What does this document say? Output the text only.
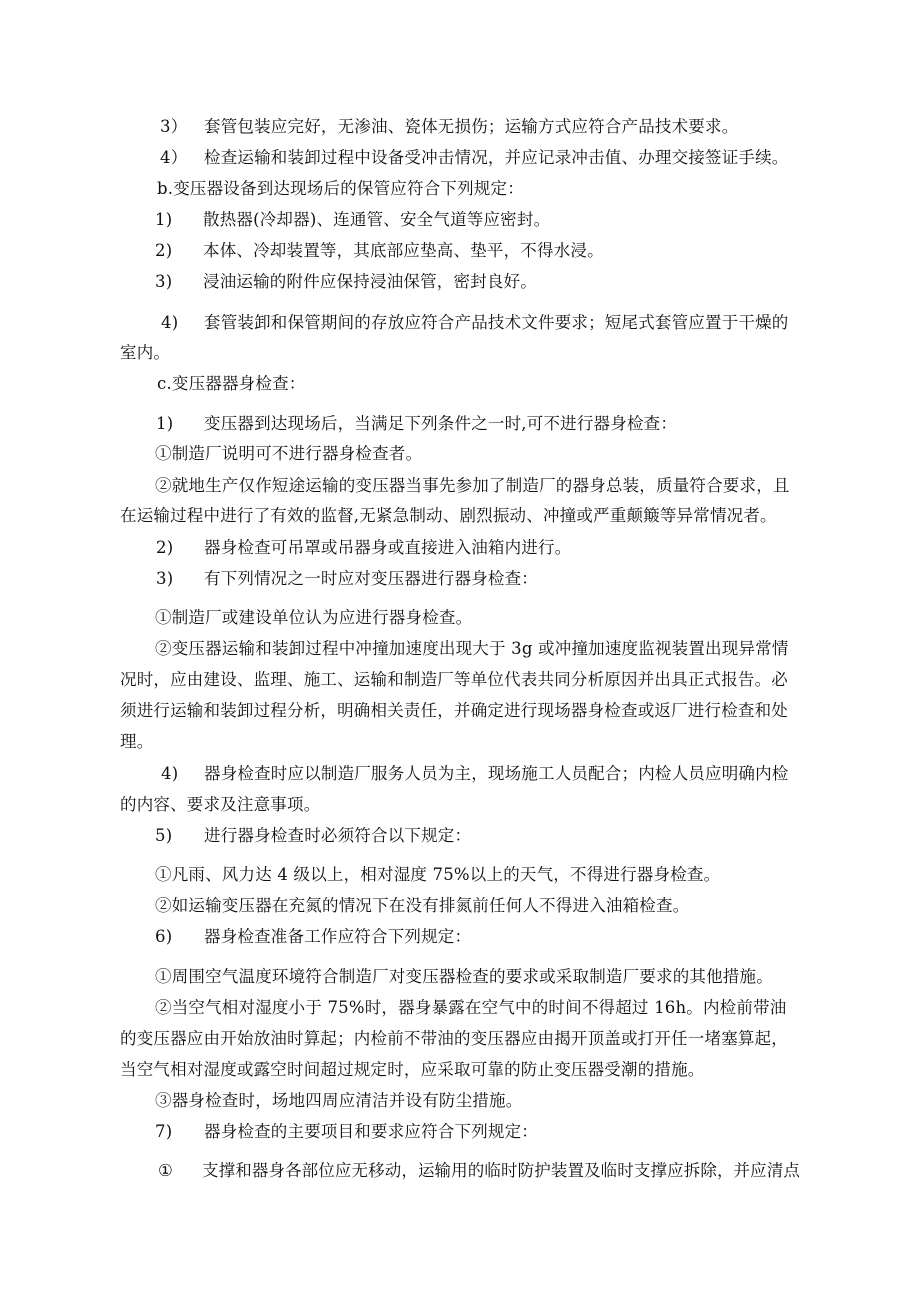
3） 套管包装应完好，无渗油、瓷体无损伤；运输方式应符合产品技术要求。
4） 检查运输和装卸过程中设备受冲击情况，并应记录冲击值、办理交接签证手续。
b.变压器设备到达现场后的保管应符合下列规定：
1) 散热器(冷却器)、连通管、安全气道等应密封。
2) 本体、冷却装置等，其底部应垫高、垫平，不得水浸。
3) 浸油运输的附件应保持浸油保管，密封良好。
4) 套管装卸和保管期间的存放应符合产品技术文件要求；短尾式套管应置于干燥的
室内。
c.变压器器身检查：
1) 变压器到达现场后，当满足下列条件之一时,可不进行器身检查：
①制造厂说明可不进行器身检查者。
②就地生产仅作短途运输的变压器当事先参加了制造厂的器身总装，质量符合要求，且
在运输过程中进行了有效的监督,无紧急制动、剧烈振动、冲撞或严重颠簸等异常情况者。
2) 器身检查可吊罩或吊器身或直接进入油箱内进行。
3) 有下列情况之一时应对变压器进行器身检查：
①制造厂或建设单位认为应进行器身检查。
②变压器运输和装卸过程中冲撞加速度出现大于 3g 或冲撞加速度监视装置出现异常情
况时，应由建设、监理、施工、运输和制造厂等单位代表共同分析原因并出具正式报告。必
须进行运输和装卸过程分析，明确相关责任，并确定进行现场器身检查或返厂进行检查和处
理。
4) 器身检查时应以制造厂服务人员为主，现场施工人员配合；内检人员应明确内检
的内容、要求及注意事项。
5) 进行器身检查时必须符合以下规定：
①凡雨、风力达 4 级以上，相对湿度 75%以上的天气，不得进行器身检查。
②如运输变压器在充氮的情况下在没有排氮前任何人不得进入油箱检查。
6) 器身检查准备工作应符合下列规定：
①周围空气温度环境符合制造厂对变压器检查的要求或采取制造厂要求的其他措施。
②当空气相对湿度小于 75%时，器身暴露在空气中的时间不得超过 16h。内检前带油
的变压器应由开始放油时算起；内检前不带油的变压器应由揭开顶盖或打开任一堵塞算起，
当空气相对湿度或露空时间超过规定时，应采取可靠的防止变压器受潮的措施。
③器身检查时，场地四周应清洁并设有防尘措施。
7) 器身检查的主要项目和要求应符合下列规定：
① 支撑和器身各部位应无移动，运输用的临时防护装置及临时支撑应拆除，并应清点
